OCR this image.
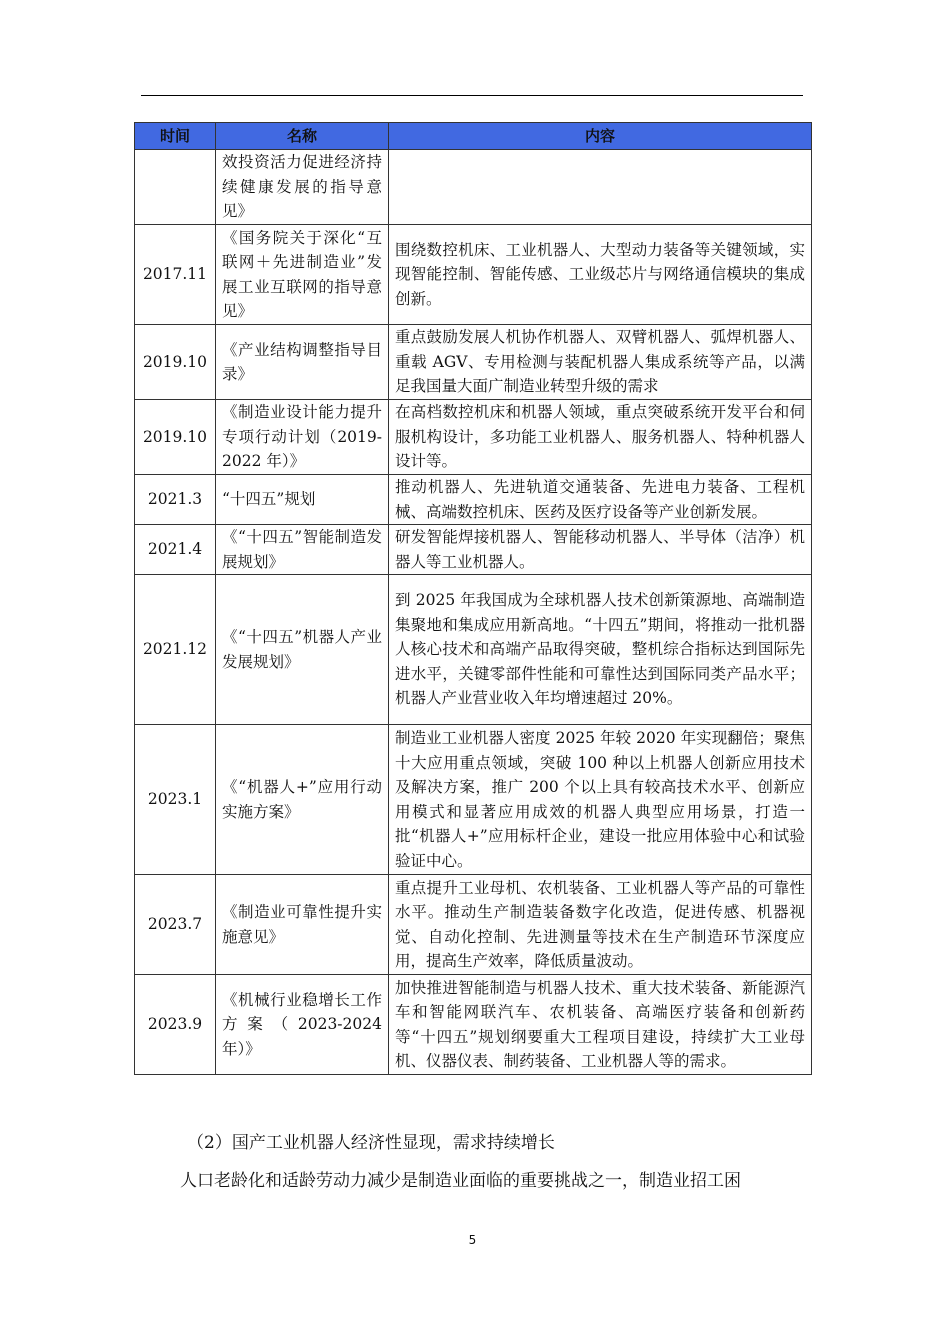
时间	名称	内容
	效投资活力促进经济持续健康发展的指导意见》	
2017.11	《国务院关于深化“互联网＋先进制造业”发展工业互联网的指导意见》	围绕数控机床、工业机器人、大型动力装备等关键领域，实现智能控制、智能传感、工业级芯片与网络通信模块的集成创新。
2019.10	《产业结构调整指导目录》	重点鼓励发展人机协作机器人、双臂机器人、弧焊机器人、重载 AGV、专用检测与装配机器人集成系统等产品，以满足我国量大面广制造业转型升级的需求
2019.10	《制造业设计能力提升专项行动计划（2019-2022 年）》	在高档数控机床和机器人领域，重点突破系统开发平台和伺服机构设计，多功能工业机器人、服务机器人、特种机器人设计等。
2021.3	“十四五”规划	推动机器人、先进轨道交通装备、先进电力装备、工程机械、高端数控机床、医药及医疗设备等产业创新发展。
2021.4	《“十四五”智能制造发展规划》	研发智能焊接机器人、智能移动机器人、半导体（洁净）机器人等工业机器人。
2021.12	《“十四五”机器人产业发展规划》	到 2025 年我国成为全球机器人技术创新策源地、高端制造集聚地和集成应用新高地。“十四五”期间，将推动一批机器人核心技术和高端产品取得突破，整机综合指标达到国际先进水平，关键零部件性能和可靠性达到国际同类产品水平；机器人产业营业收入年均增速超过 20%。
2023.1	《“机器人+”应用行动实施方案》	制造业工业机器人密度 2025 年较 2020 年实现翻倍；聚焦十大应用重点领域，突破 100 种以上机器人创新应用技术及解决方案，推广 200 个以上具有较高技术水平、创新应用模式和显著应用成效的机器人典型应用场景，打造一批“机器人+”应用标杆企业，建设一批应用体验中心和试验验证中心。
2023.7	《制造业可靠性提升实施意见》	重点提升工业母机、农机装备、工业机器人等产品的可靠性水平。推动生产制造装备数字化改造，促进传感、机器视觉、自动化控制、先进测量等技术在生产制造环节深度应用，提高生产效率，降低质量波动。
2023.9	《机械行业稳增长工作方案（2023-2024 年）》	加快推进智能制造与机器人技术、重大技术装备、新能源汽车和智能网联汽车、农机装备、高端医疗装备和创新药等“十四五”规划纲要重大工程项目建设，持续扩大工业母机、仪器仪表、制药装备、工业机器人等的需求。
（2）国产工业机器人经济性显现，需求持续增长
人口老龄化和适龄劳动力减少是制造业面临的重要挑战之一，制造业招工困
5
